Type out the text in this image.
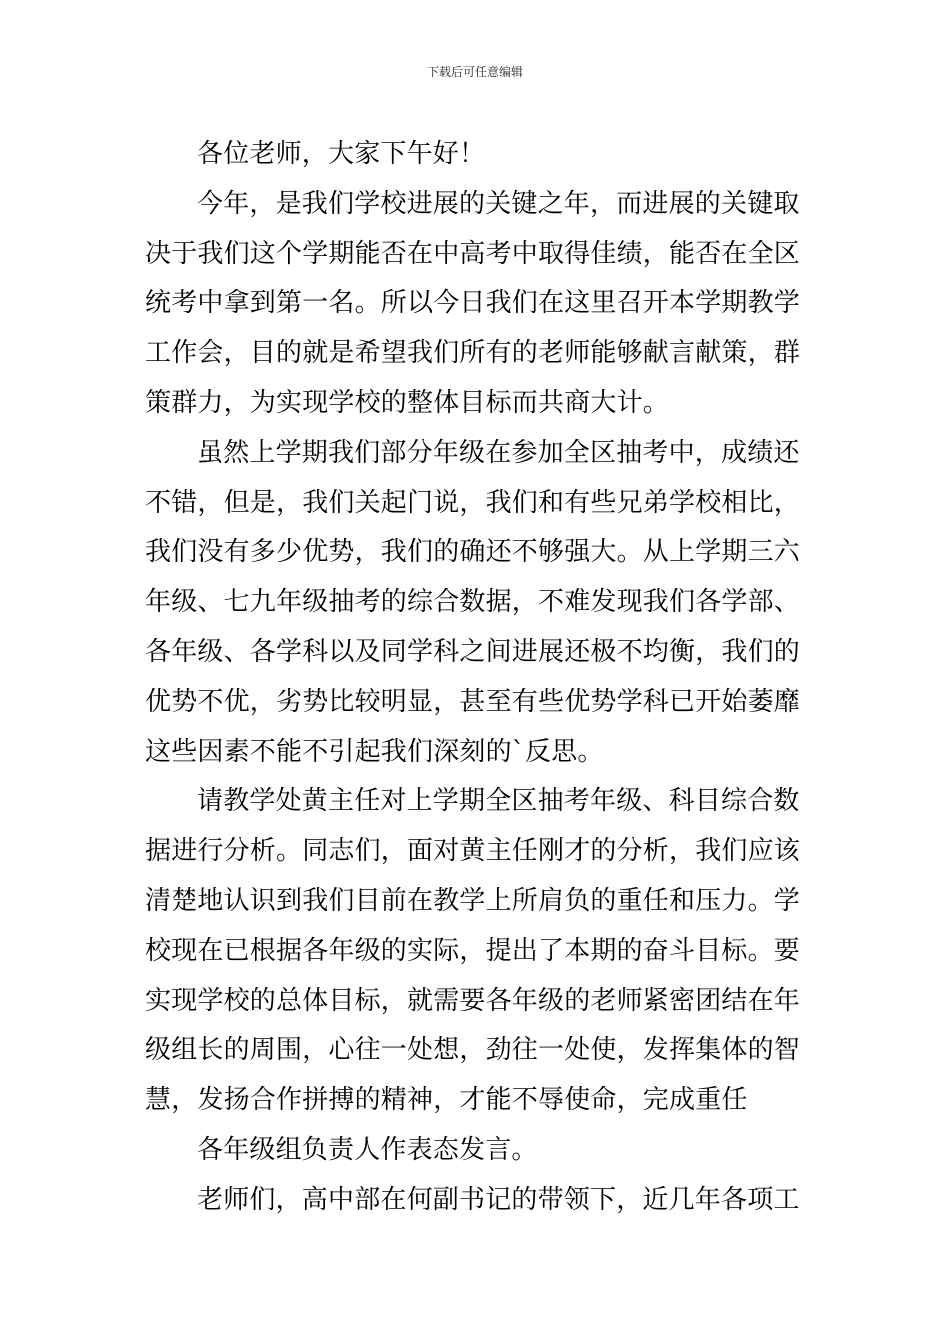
下载后可任意编辑
各位老师，大家下午好！
今年，是我们学校进展的关键之年，而进展的关键取
决于我们这个学期能否在中高考中取得佳绩，能否在全区
统考中拿到第一名。所以今日我们在这里召开本学期教学
工作会，目的就是希望我们所有的老师能够献言献策，群
策群力，为实现学校的整体目标而共商大计。
虽然上学期我们部分年级在参加全区抽考中，成绩还
不错，但是，我们关起门说，我们和有些兄弟学校相比，
我们没有多少优势，我们的确还不够强大。从上学期三六
年级、七九年级抽考的综合数据，不难发现我们各学部、
各年级、各学科以及同学科之间进展还极不均衡，我们的
优势不优，劣势比较明显，甚至有些优势学科已开始萎靡
这些因素不能不引起我们深刻的`反思。
请教学处黄主任对上学期全区抽考年级、科目综合数
据进行分析。同志们，面对黄主任刚才的分析，我们应该
清楚地认识到我们目前在教学上所肩负的重任和压力。学
校现在已根据各年级的实际，提出了本期的奋斗目标。要
实现学校的总体目标，就需要各年级的老师紧密团结在年
级组长的周围，心往一处想，劲往一处使，发挥集体的智
慧，发扬合作拼搏的精神，才能不辱使命，完成重任
各年级组负责人作表态发言。
老师们，高中部在何副书记的带领下，近几年各项工
